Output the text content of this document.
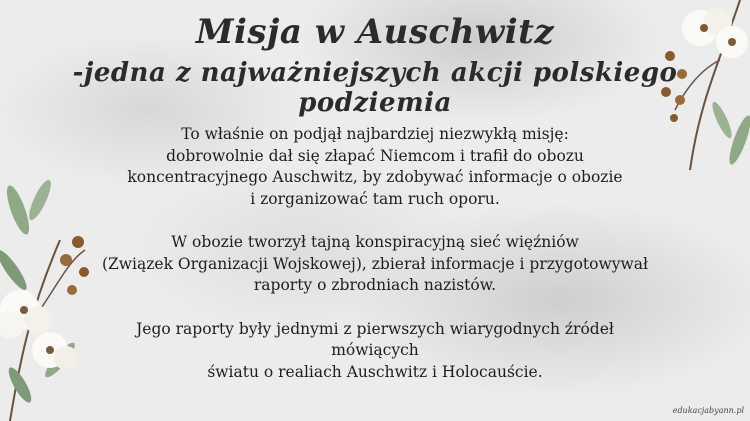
Misja w Auschwitz
-jedna z najważniejszych akcji polskiego podziemia
To właśnie on podjął najbardziej niezwykłą misję:
dobrowolnie dał się złapać Niemcom i trafił do obozu
koncentracyjnego Auschwitz, by zdobywać informacje o obozie
i zorganizować tam ruch oporu.
W obozie tworzył tajną konspiracyjną sieć więźniów
(Związek Organizacji Wojskowej), zbierał informacje i przygotowywał
raporty o zbrodniach nazistów.
Jego raporty były jednymi z pierwszych wiarygodnych źródeł
mówiących
światu o realiach Auschwitz i Holocauście.
edukacjabyann.pl
